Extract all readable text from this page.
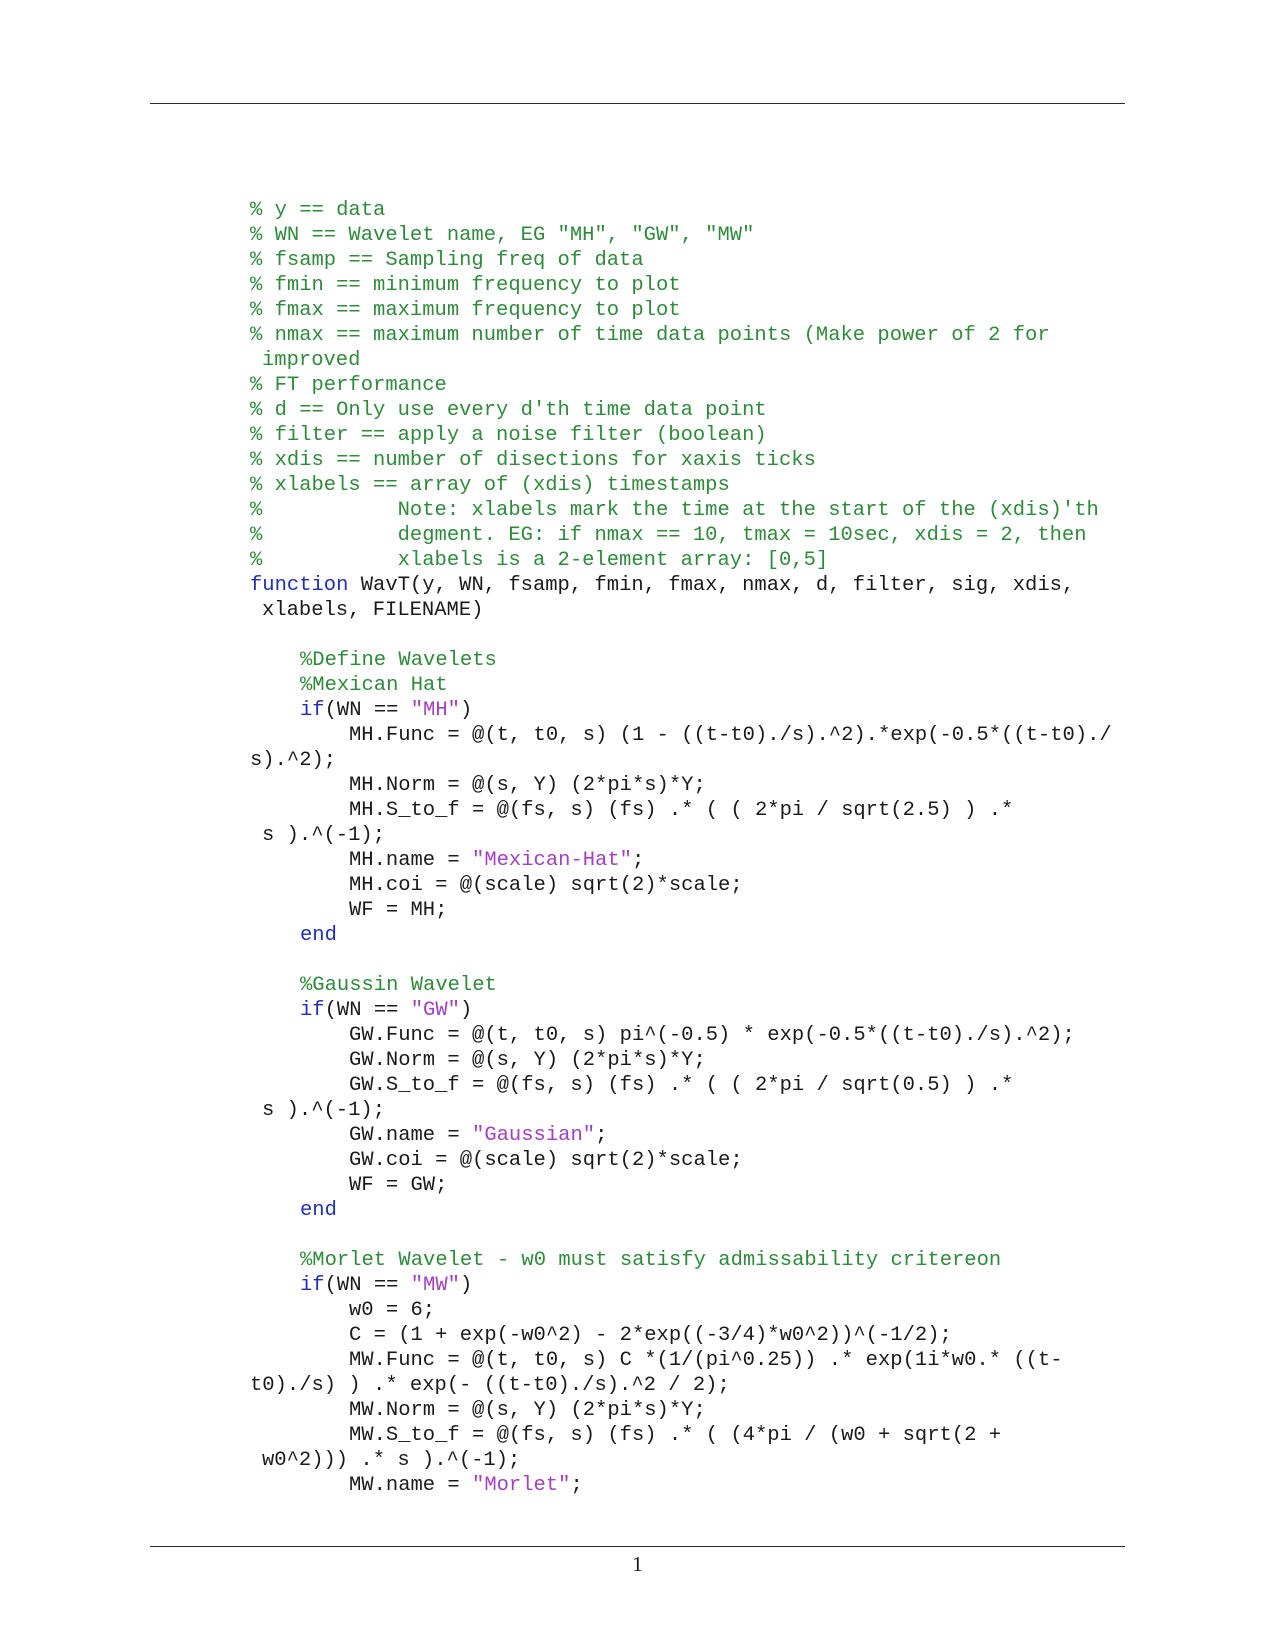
% y == data
% WN == Wavelet name, EG "MH", "GW", "MW"
% fsamp == Sampling freq of data
% fmin == minimum frequency to plot
% fmax == maximum frequency to plot
% nmax == maximum number of time data points (Make power of 2 for
improved
% FT performance
% d == Only use every d'th time data point
% filter == apply a noise filter (boolean)
% xdis == number of disections for xaxis ticks
% xlabels == array of (xdis) timestamps
%           Note: xlabels mark the time at the start of the (xdis)'th
%           degment. EG: if nmax == 10, tmax = 10sec, xdis = 2, then
%           xlabels is a 2-element array: [0,5]
function WavT(y, WN, fsamp, fmin, fmax, nmax, d, filter, sig, xdis,
xlabels, FILENAME)
%Define Wavelets
%Mexican Hat
if(WN == "MH")
MH.Func = @(t, t0, s) (1 - ((t-t0)./s).^2).*exp(-0.5*((t-t0)./
s).^2);
MH.Norm = @(s, Y) (2*pi*s)*Y;
MH.S_to_f = @(fs, s) (fs) .* ( ( 2*pi / sqrt(2.5) ) .*
s ).^(-1);
MH.name = "Mexican-Hat";
MH.coi = @(scale) sqrt(2)*scale;
WF = MH;
end
%Gaussin Wavelet
if(WN == "GW")
GW.Func = @(t, t0, s) pi^(-0.5) * exp(-0.5*((t-t0)./s).^2);
GW.Norm = @(s, Y) (2*pi*s)*Y;
GW.S_to_f = @(fs, s) (fs) .* ( ( 2*pi / sqrt(0.5) ) .*
s ).^(-1);
GW.name = "Gaussian";
GW.coi = @(scale) sqrt(2)*scale;
WF = GW;
end
%Morlet Wavelet - w0 must satisfy admissability critereon
if(WN == "MW")
w0 = 6;
C = (1 + exp(-w0^2) - 2*exp((-3/4)*w0^2))^(-1/2);
MW.Func = @(t, t0, s) C *(1/(pi^0.25)) .* exp(1i*w0.* ((t-
t0)./s) ) .* exp(- ((t-t0)./s).^2 / 2);
MW.Norm = @(s, Y) (2*pi*s)*Y;
MW.S_to_f = @(fs, s) (fs) .* ( (4*pi / (w0 + sqrt(2 +
w0^2))) .* s ).^(-1);
MW.name = "Morlet";
1
